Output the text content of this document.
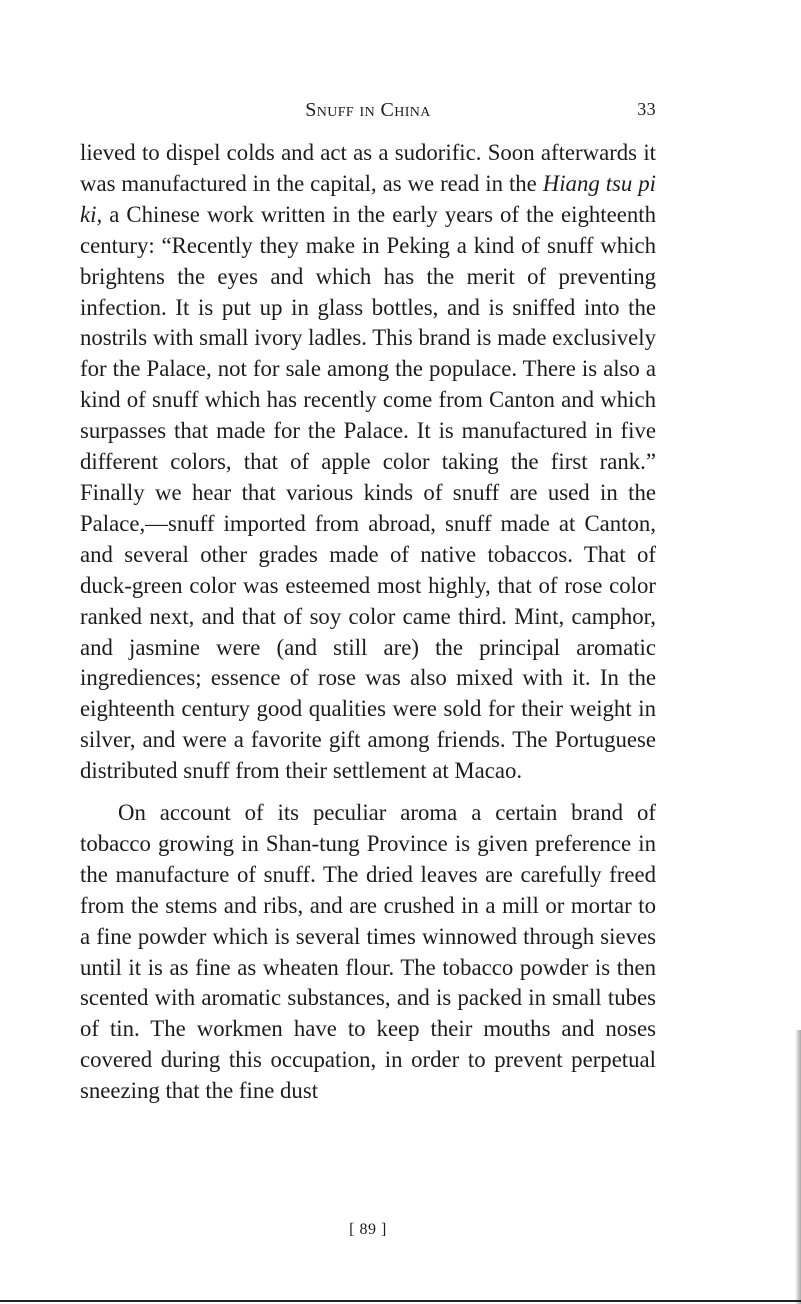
Snuff in China	33

lieved to dispel colds and act as a sudorific. Soon afterwards it was manufactured in the capital, as we read in the Hiang tsu pi ki, a Chinese work written in the early years of the eighteenth century: “Recently they make in Peking a kind of snuff which brightens the eyes and which has the merit of preventing infection. It is put up in glass bottles, and is sniffed into the nostrils with small ivory ladles. This brand is made exclusively for the Palace, not for sale among the populace. There is also a kind of snuff which has recently come from Canton and which surpasses that made for the Palace. It is manufactured in five different colors, that of apple color taking the first rank.” Finally we hear that various kinds of snuff are used in the Palace,—snuff imported from abroad, snuff made at Canton, and several other grades made of native tobaccos. That of duck-green color was esteemed most highly, that of rose color ranked next, and that of soy color came third. Mint, camphor, and jasmine were (and still are) the principal aromatic ingrediences; essence of rose was also mixed with it. In the eighteenth century good qualities were sold for their weight in silver, and were a favorite gift among friends. The Portuguese distributed snuff from their settlement at Macao.

On account of its peculiar aroma a certain brand of tobacco growing in Shan-tung Province is given preference in the manufacture of snuff. The dried leaves are carefully freed from the stems and ribs, and are crushed in a mill or mortar to a fine powder which is several times winnowed through sieves until it is as fine as wheaten flour. The tobacco powder is then scented with aromatic substances, and is packed in small tubes of tin. The workmen have to keep their mouths and noses covered during this occupation, in order to prevent perpetual sneezing that the fine dust

[ 89 ]
